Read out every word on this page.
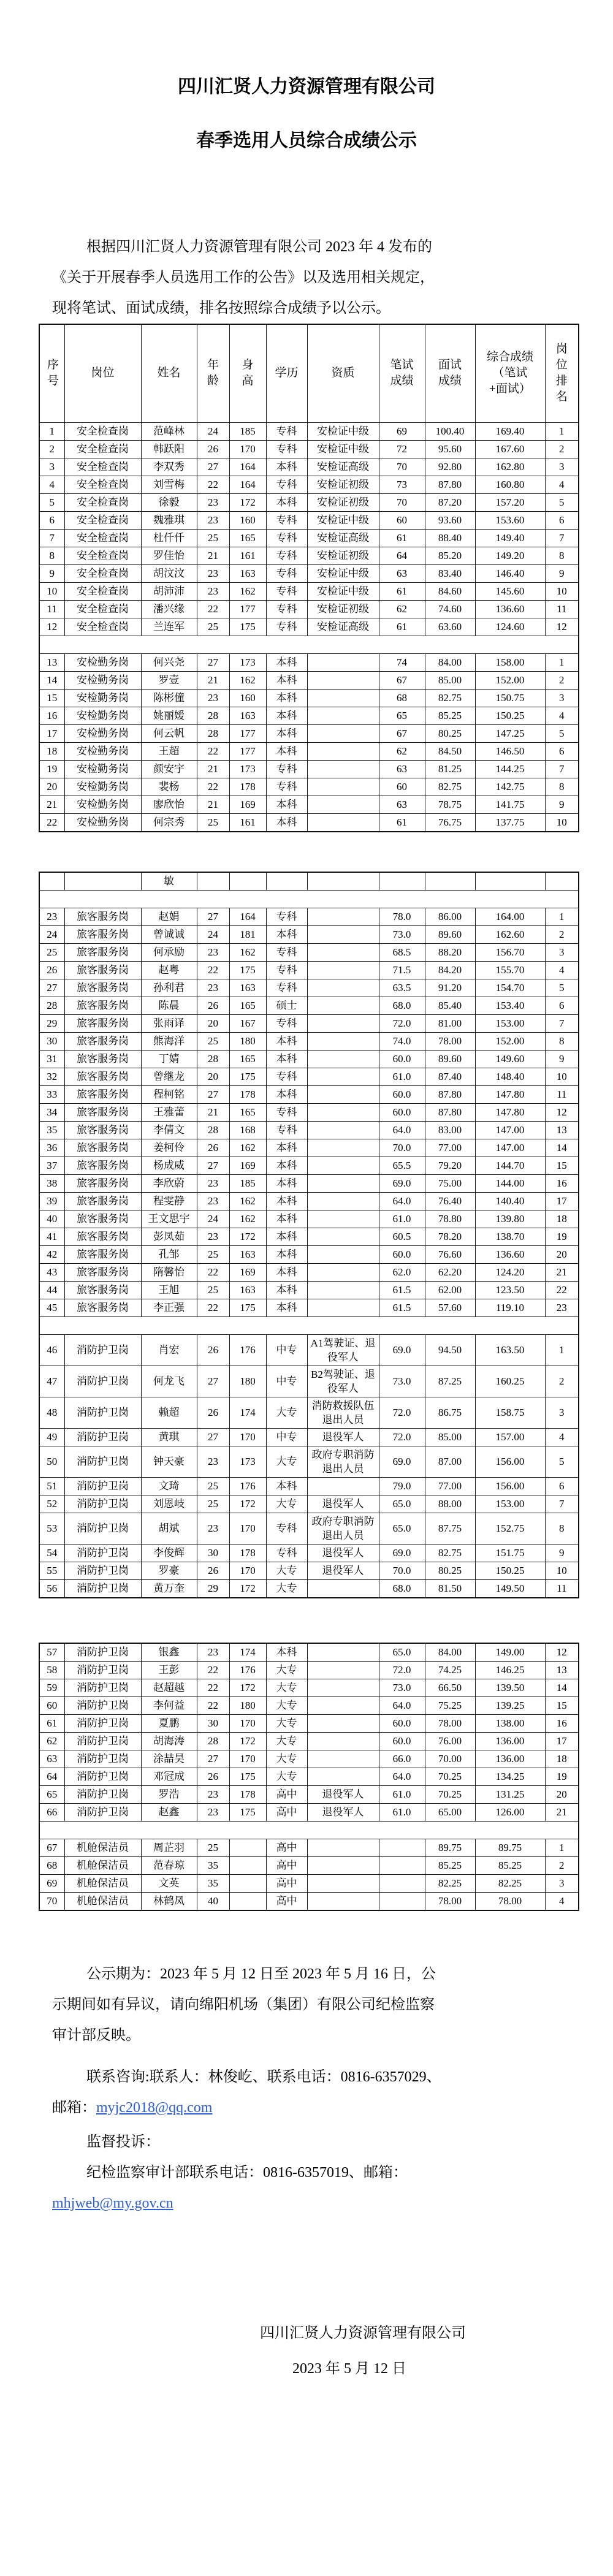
四川汇贤人力资源管理有限公司
春季选用人员综合成绩公示
根据四川汇贤人力资源管理有限公司 2023 年 4 发布的
《关于开展春季人员选用工作的公告》以及选用相关规定，
现将笔试、面试成绩，排名按照综合成绩予以公示。
序号	岗位	姓名	年龄	身高	学历	资质	笔试成绩	面试成绩	综合成绩（笔试+面试）	岗位排名
1	安全检查岗	范峰林	24	185	专科	安检证中级	69	100.40	169.40	1
2	安全检查岗	韩跃阳	26	170	专科	安检证中级	72	95.60	167.60	2
3	安全检查岗	李双秀	27	164	本科	安检证高级	70	92.80	162.80	3
4	安全检查岗	刘雪梅	22	164	专科	安检证初级	73	87.80	160.80	4
5	安全检查岗	徐毅	23	172	本科	安检证初级	70	87.20	157.20	5
6	安全检查岗	魏雅琪	23	160	专科	安检证中级	60	93.60	153.60	6
7	安全检查岗	杜仟仟	25	165	专科	安检证高级	61	88.40	149.40	7
8	安全检查岗	罗佳怡	21	161	专科	安检证初级	64	85.20	149.20	8
9	安全检查岗	胡汶汶	23	163	专科	安检证中级	63	83.40	146.40	9
10	安全检查岗	胡沛沛	23	162	专科	安检证中级	61	84.60	145.60	10
11	安全检查岗	潘兴缘	22	177	专科	安检证初级	62	74.60	136.60	11
12	安全检查岗	兰连军	25	175	专科	安检证高级	61	63.60	124.60	12

13	安检勤务岗	何兴尧	27	173	本科		74	84.00	158.00	1
14	安检勤务岗	罗壹	21	162	本科		67	85.00	152.00	2
15	安检勤务岗	陈彬僮	23	160	本科		68	82.75	150.75	3
16	安检勤务岗	姚丽嫒	28	163	本科		65	85.25	150.25	4
17	安检勤务岗	何云帆	28	177	本科		67	80.25	147.25	5
18	安检勤务岗	王超	22	177	本科		62	84.50	146.50	6
19	安检勤务岗	颜安宇	21	173	专科		63	81.25	144.25	7
20	安检勤务岗	裴杨	22	178	专科		60	82.75	142.75	8
21	安检勤务岗	廖欣怡	21	169	本科		63	78.75	141.75	9
22	安检勤务岗	何宗秀	25	161	本科		61	76.75	137.75	10
		敏								

23	旅客服务岗	赵娟	27	164	专科		78.0	86.00	164.00	1
24	旅客服务岗	曾诚诚	24	181	本科		73.0	89.60	162.60	2
25	旅客服务岗	何承励	23	162	专科		68.5	88.20	156.70	3
26	旅客服务岗	赵粤	22	175	专科		71.5	84.20	155.70	4
27	旅客服务岗	孙利君	23	163	专科		63.5	91.20	154.70	5
28	旅客服务岗	陈晨	26	165	硕士		68.0	85.40	153.40	6
29	旅客服务岗	张雨译	20	167	专科		72.0	81.00	153.00	7
30	旅客服务岗	熊海洋	25	180	本科		74.0	78.00	152.00	8
31	旅客服务岗	丁婧	28	165	本科		60.0	89.60	149.60	9
32	旅客服务岗	曾继龙	20	175	专科		61.0	87.40	148.40	10
33	旅客服务岗	程柯铭	27	178	本科		60.0	87.80	147.80	11
34	旅客服务岗	王雅蕾	21	165	专科		60.0	87.80	147.80	12
35	旅客服务岗	李倩文	28	168	专科		64.0	83.00	147.00	13
36	旅客服务岗	姜柯伶	26	162	本科		70.0	77.00	147.00	14
37	旅客服务岗	杨成威	27	169	本科		65.5	79.20	144.70	15
38	旅客服务岗	李欣蔚	23	185	本科		69.0	75.00	144.00	16
39	旅客服务岗	程雯静	23	162	本科		64.0	76.40	140.40	17
40	旅客服务岗	王文思宇	24	162	本科		61.0	78.80	139.80	18
41	旅客服务岗	彭凤茹	23	172	本科		60.5	78.20	138.70	19
42	旅客服务岗	孔邹	25	163	本科		60.0	76.60	136.60	20
43	旅客服务岗	隋馨怡	22	169	本科		62.0	62.20	124.20	21
44	旅客服务岗	王旭	25	163	本科		61.5	62.00	123.50	22
45	旅客服务岗	李正强	22	175	本科		61.5	57.60	119.10	23

46	消防护卫岗	肖宏	26	176	中专	A1驾驶证、退役军人	69.0	94.50	163.50	1
47	消防护卫岗	何龙飞	27	180	中专	B2驾驶证、退役军人	73.0	87.25	160.25	2
48	消防护卫岗	赖超	26	174	大专	消防救援队伍退出人员	72.0	86.75	158.75	3
49	消防护卫岗	黄琪	27	170	中专	退役军人	72.0	85.00	157.00	4
50	消防护卫岗	钟天豪	23	173	大专	政府专职消防退出人员	69.0	87.00	156.00	5
51	消防护卫岗	文琦	25	176	本科		79.0	77.00	156.00	6
52	消防护卫岗	刘恩岐	25	172	大专	退役军人	65.0	88.00	153.00	7
53	消防护卫岗	胡斌	23	170	专科	政府专职消防退出人员	65.0	87.75	152.75	8
54	消防护卫岗	李俊辉	30	178	专科	退役军人	69.0	82.75	151.75	9
55	消防护卫岗	罗豪	26	170	大专	退役军人	70.0	80.25	150.25	10
56	消防护卫岗	黄万奎	29	172	大专		68.0	81.50	149.50	11
57	消防护卫岗	银鑫	23	174	本科		65.0	84.00	149.00	12
58	消防护卫岗	王彭	22	176	大专		72.0	74.25	146.25	13
59	消防护卫岗	赵超越	22	172	大专		73.0	66.50	139.50	14
60	消防护卫岗	李何益	22	180	大专		64.0	75.25	139.25	15
61	消防护卫岗	夏鹏	30	170	大专		60.0	78.00	138.00	16
62	消防护卫岗	胡海涛	28	172	大专		60.0	76.00	136.00	17
63	消防护卫岗	涂喆昊	27	170	大专		66.0	70.00	136.00	18
64	消防护卫岗	邓冠成	26	175	大专		64.0	70.25	134.25	19
65	消防护卫岗	罗浩	23	178	高中	退役军人	61.0	70.25	131.25	20
66	消防护卫岗	赵鑫	23	175	高中	退役军人	61.0	65.00	126.00	21

67	机舱保洁员	周芷羽	25		高中			89.75	89.75	1
68	机舱保洁员	范春琼	35		高中			85.25	85.25	2
69	机舱保洁员	文英	35		高中			82.25	82.25	3
70	机舱保洁员	林鹤凤	40		高中			78.00	78.00	4
公示期为：2023 年 5 月 12 日至 2023 年 5 月 16 日，公
示期间如有异议，请向绵阳机场（集团）有限公司纪检监察
审计部反映。
联系咨询:联系人：林俊屹、联系电话：0816-6357029、
邮箱：myjc2018@qq.com
监督投诉：
纪检监察审计部联系电话：0816-6357019、邮箱：
mhjweb@my.gov.cn
四川汇贤人力资源管理有限公司
2023 年 5 月 12 日
